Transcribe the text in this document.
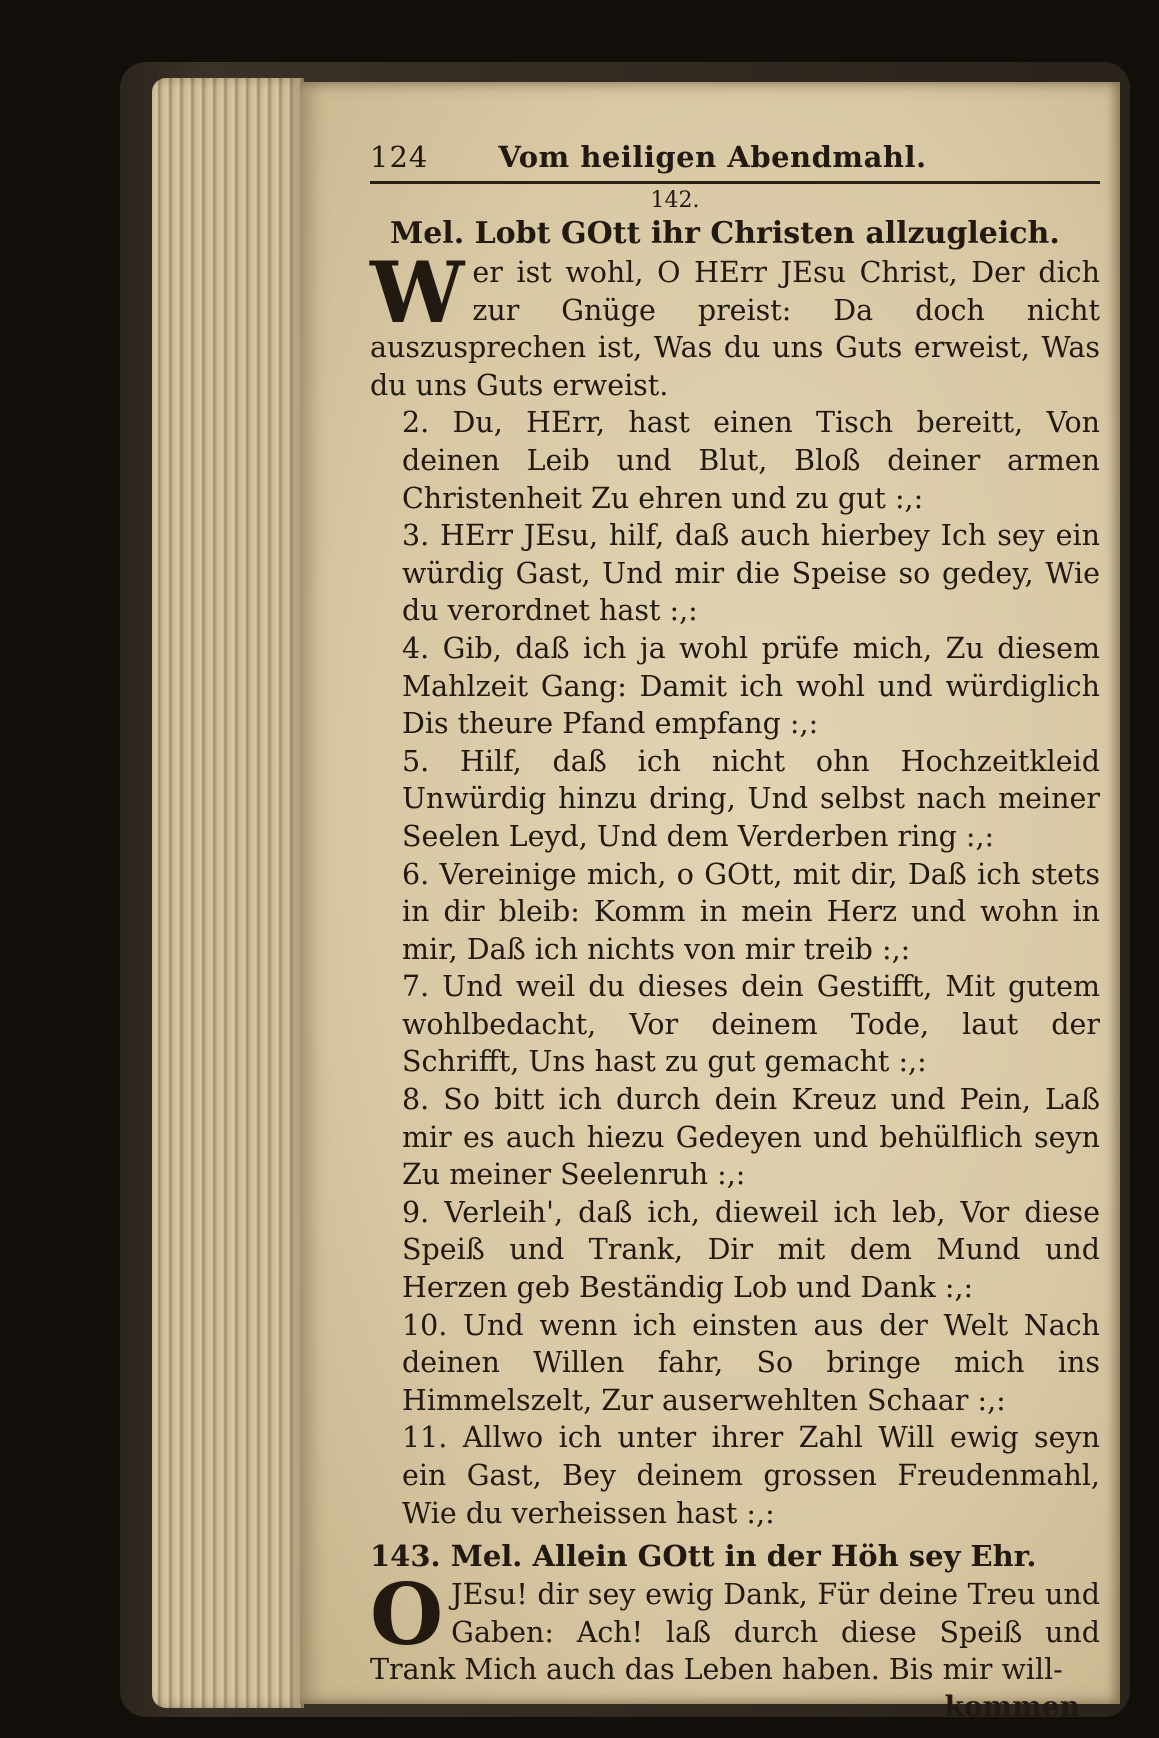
124 Vom heiligen Abendmahl.
142.
Mel. Lobt GOtt ihr Christen allzugleich.

W er ist wohl, O HErr JEsu Christ, Der dich zur Gnüge preist: Da doch nicht auszusprechen ist, Was du uns Guts erweist, Was du uns Guts erweist.

2. Du, HErr, hast einen Tisch bereitt, Von deinen Leib und Blut, Bloß deiner armen Christenheit Zu ehren und zu gut :,:

3. HErr JEsu, hilf, daß auch hierbey Ich sey ein würdig Gast, Und mir die Speise so gedey, Wie du verordnet hast :,:

4. Gib, daß ich ja wohl prüfe mich, Zu diesem Mahlzeit Gang: Damit ich wohl und würdiglich Dis theure Pfand empfang :,:

5. Hilf, daß ich nicht ohn Hochzeitkleid Unwürdig hinzu dring, Und selbst nach meiner Seelen Leyd, Und dem Verderben ring :,:

6. Vereinige mich, o GOtt, mit dir, Daß ich stets in dir bleib: Komm in mein Herz und wohn in mir, Daß ich nichts von mir treib :,:

7. Und weil du dieses dein Gestifft, Mit gutem wohlbedacht, Vor deinem Tode, laut der Schrifft, Uns hast zu gut gemacht :,:

8. So bitt ich durch dein Kreuz und Pein, Laß mir es auch hiezu Gedeyen und behülflich seyn Zu meiner Seelenruh :,:

9. Verleih', daß ich, dieweil ich leb, Vor diese Speiß und Trank, Dir mit dem Mund und Herzen geb Beständig Lob und Dank :,:

10. Und wenn ich einsten aus der Welt Nach deinen Willen fahr, So bringe mich ins Himmelszelt, Zur auserwehlten Schaar :,:

11. Allwo ich unter ihrer Zahl Will ewig seyn ein Gast, Bey deinem grossen Freudenmahl, Wie du verheissen hast :,:

143. Mel. Allein GOtt in der Höh sey Ehr.

O JEsu! dir sey ewig Dank, Für deine Treu und Gaben: Ach! laß durch diese Speiß und Trank Mich auch das Leben haben. Bis mir will-

kommen
